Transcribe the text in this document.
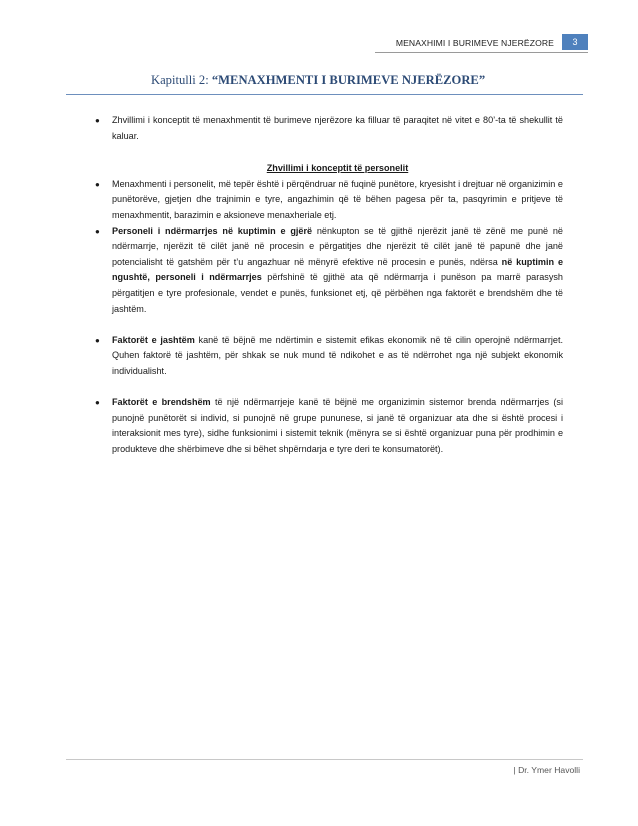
MENAXHIMI I BURIMEVE NJERËZORE	3
Kapitulli 2: “MENAXHMENTI I BURIMEVE NJERËZORE”

● Zhvillimi i konceptit të menaxhmentit të burimeve njerëzore ka filluar të paraqitet në vitet e 80’-ta të shekullit të kaluar.

Zhvillimi i konceptit të personelit

● Menaxhmenti i personelit, më tepër është i përqëndruar në fuqinë punëtore, kryesisht i drejtuar në organizimin e punëtorëve, gjetjen dhe trajnimin e tyre, angazhimin që të bëhen pagesa për ta, pasqyrimin e pritjeve të menaxhmentit, barazimin e aksioneve menaxheriale etj.

● Personeli i ndërmarrjes në kuptimin e gjërë nënkupton se të gjithë njerëzit janë të zënë me punë në ndërmarrje, njerëzit të cilët janë në procesin e përgatitjes dhe njerëzit të cilët janë të papunë dhe janë potencialisht të gatshëm për t’u angazhuar në mënyrë efektive në procesin e punës, ndërsa në kuptimin e ngushtë, personeli i ndërmarrjes përfshinë të gjithë ata që ndërmarrja i punëson pa marrë parasysh përgatitjen e tyre profesionale, vendet e punës, funksionet etj, që përbëhen nga faktorët e brendshëm dhe të jashtëm.

● Faktorët e jashtëm kanë të bëjnë me ndërtimin e sistemit efikas ekonomik në të cilin operojnë ndërmarrjet. Quhen faktorë të jashtëm, për shkak se nuk mund të ndikohet e as të ndërrohet nga një subjekt ekonomik individualisht.

● Faktorët e brendshëm të një ndërmarrjeje kanë të bëjnë me organizimin sistemor brenda ndërmarrjes (si punojnë punëtorët si individ, si punojnë në grupe pununese, si janë të organizuar ata dhe si është procesi i interaksionit mes tyre), sidhe funksionimi i sistemit teknik (mënyra se si është organizuar puna për prodhimin e produkteve dhe shërbimeve dhe si bëhet shpërndarja e tyre deri te konsumatorët).

| Dr. Ymer Havolli
